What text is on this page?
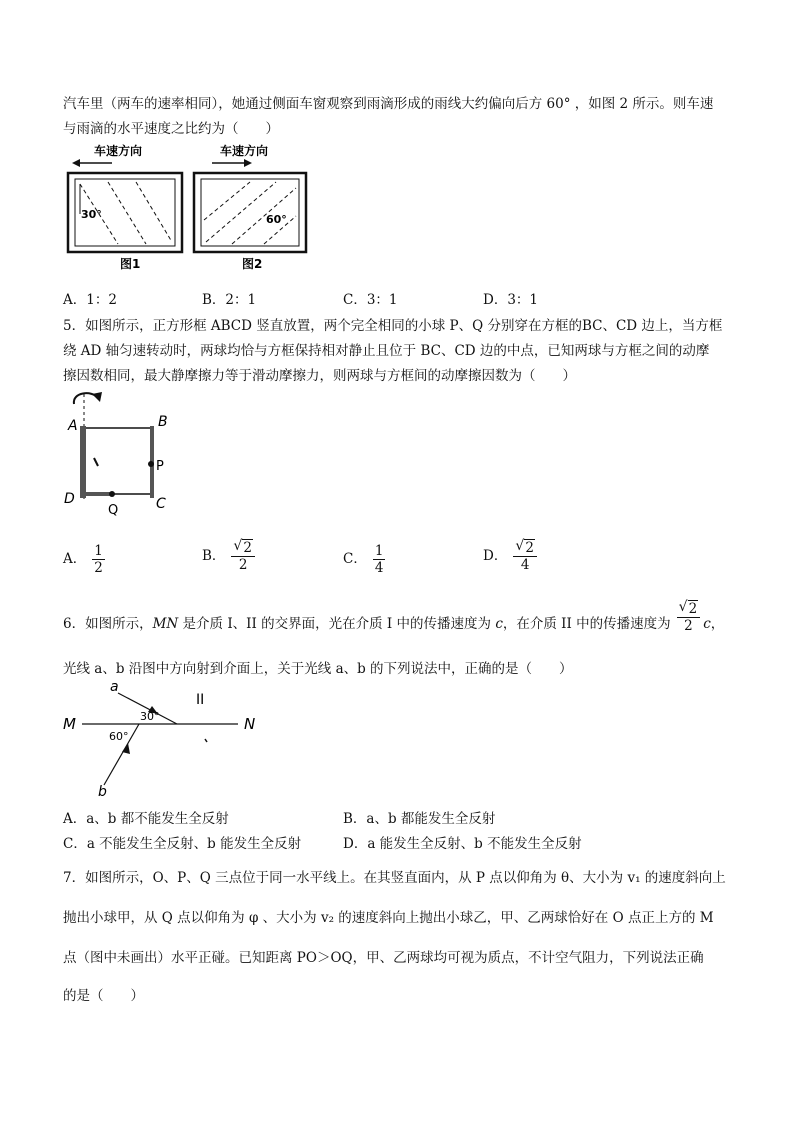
汽车里（两车的速率相同），她通过侧面车窗观察到雨滴形成的雨线大约偏向后方 60° ，如图 2 所示。则车速
与雨滴的水平速度之比约为（　　）
车速方向
30°
图1
车速方向
60°
图2
A．1：2	B．2：1	C．3：1	D．3：1
5．如图所示，正方形框 ABCD 竖直放置，两个完全相同的小球 P、Q 分别穿在方框的BC、CD 边上，当方框
绕 AD 轴匀速转动时，两球均恰与方框保持相对静止且位于 BC、CD 边的中点，已知两球与方框之间的动摩
擦因数相同，最大静摩擦力等于滑动摩擦力，则两球与方框间的动摩擦因数为（　　）
A	B
C
D
P
Q
A． $\frac{1}{2}$	B． $\frac{√ 2}{2}$	C． $\frac{1}{4}$	D． $\frac{√ 2}{4}$
6．如图所示，MN 是介质 I、II 的交界面，光在介质 I 中的传播速度为 c，在介质 II 中的传播速度为 $\frac{√ 2}{2}$ c，
光线 a、b 沿图中方向射到介面上，关于光线 a、b 的下列说法中，正确的是（　　）
a
b
M	N
II
30°
60°
A．a、b 都不能发生全反射	B．a、b 都能发生全反射
C．a 不能发生全反射、b 能发生全反射	D．a 能发生全反射、b 不能发生全反射
7．如图所示，O、P、Q 三点位于同一水平线上。在其竖直面内，从 P 点以仰角为 θ、大小为 v₁ 的速度斜向上
抛出小球甲，从 Q 点以仰角为 φ 、大小为 v₂ 的速度斜向上抛出小球乙，甲、乙两球恰好在 O 点正上方的 M
点（图中未画出）水平正碰。已知距离 PO＞OQ，甲、乙两球均可视为质点，不计空气阻力，下列说法正确
的是（　　）
